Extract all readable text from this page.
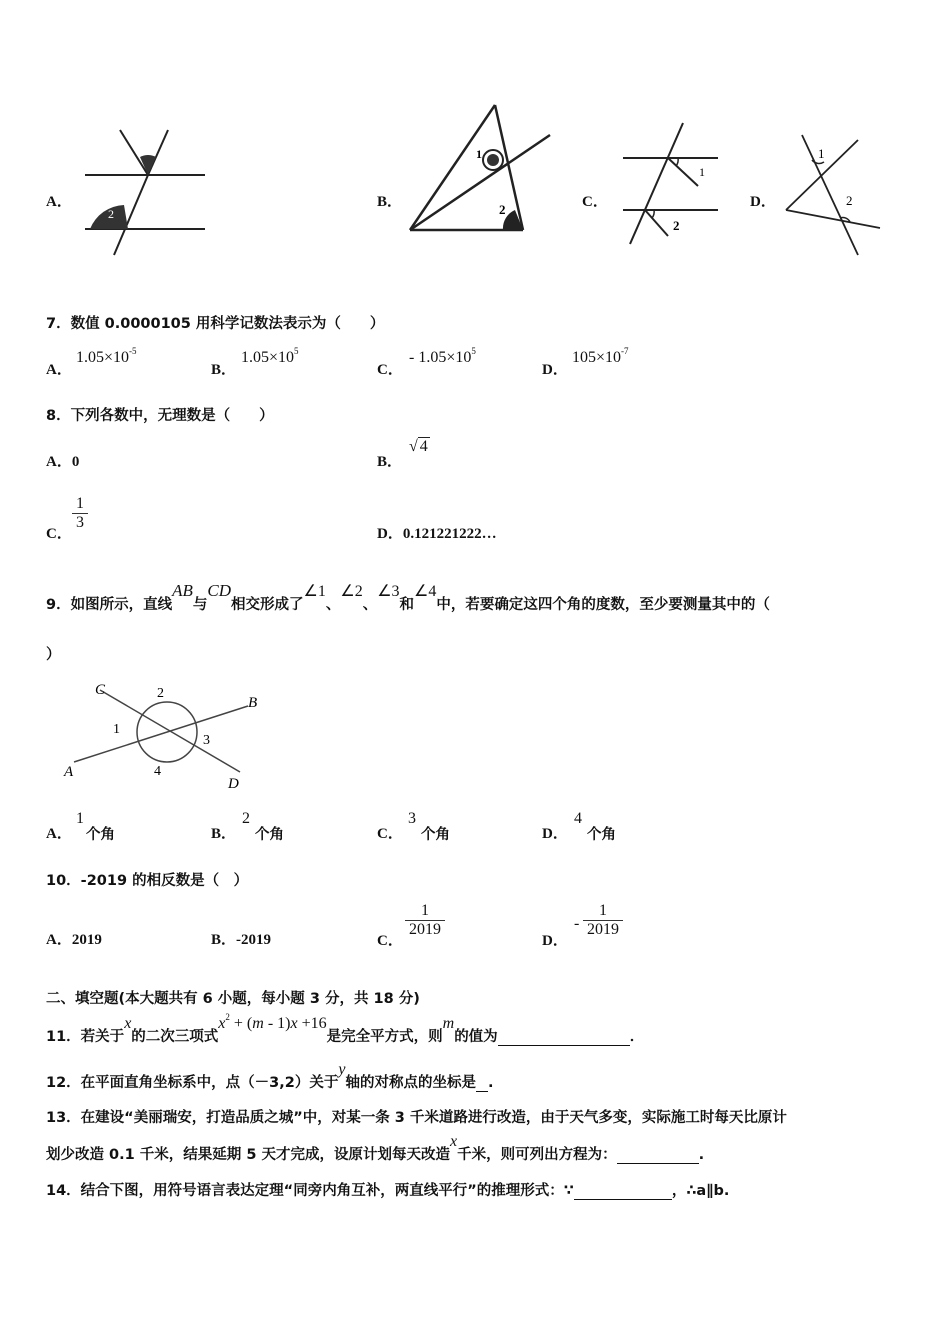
A．
1
2
B．
1
2	C．
1
2
D．
1
2
7．数值 0.0000105 用科学记数法表示为（　　）
A．
$1.05\times 10^{-5}$
B．
$1.05\times 10^5$
C．
- $1.05\times 10^5$
D．
$105\times 10^{-7}$
8．下列各数中，无理数是（　　）
A．0	B．
√ 4
C．
$\frac{1}{3}$
D．0.121221222…
9．如图所示，直线AB与CD相交形成了∠1、∠2、∠3和∠4中，若要确定这四个角的度数，至少要测量其中的（
）
C
B
A
D
1
2
3
4
A．
1
个角	B．
2
个角	C．
3
个角	D．
4
个角
10．-2019 的相反数是（　）
A．2019	B．-2019	C．
$\frac{1}{2019}$
D．
- $\frac{1}{2019}$
二、填空题(本大题共有 6 小题，每小题 3 分，共 18 分)
11．若关于x的二次三项式$x^2 + (m - 1)x +16$是完全平方式，则m的值为	．
12．在平面直角坐标系中，点（－3,2）关于y轴的对称点的坐标是 .
13．在建设“美丽瑞安，打造品质之城”中，对某一条 3 千米道路进行改造，由于天气多变，实际施工时每天比原计
划少改造 0.1 千米，结果延期 5 天才完成，设原计划每天改造x千米，则可列出方程为：	.
14．结合下图，用符号语言表达定理“同旁内角互补，两直线平行”的推理形式：∵	，∴a∥b.
